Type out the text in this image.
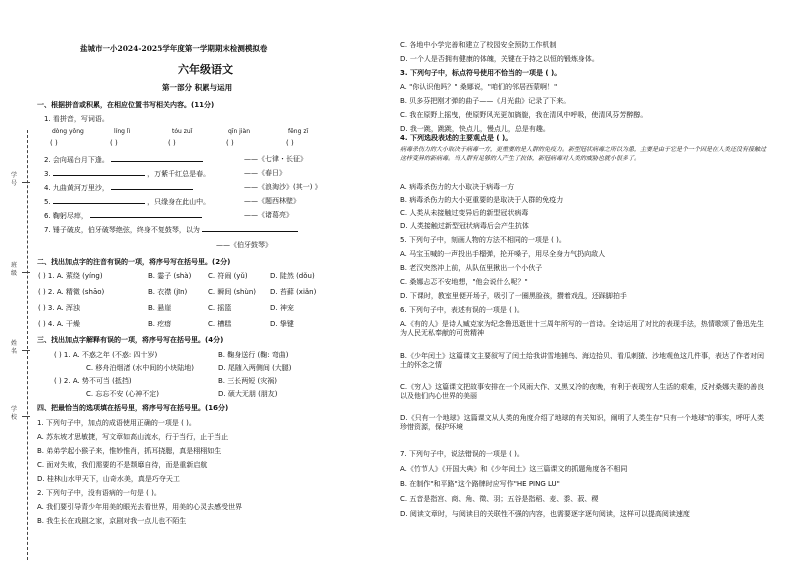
学号
班级
姓名
学校
盐城市一小2024-2025学年度第一学期期末检测模拟卷
六年级语文
第一部分 积累与运用
一、根据拼音或积累，在相应位置书写相关内容。(11分)
1. 看拼音，写词语。
dòng yǒng	líng lì	tóu zuǐ	qīn jiàn	fēng zī
( )	( )	( )	( )	( )
2. 会向瑶台月下逢。	——《七律・长征》
3.	，万紫千红总是春。	——《春日》
4. 九曲黄河万里沙，	——《浪淘沙》(其一) 》
5.	，只缘身在此山中。	——《题西林壁》
6. 鞠躬尽瘁，	——《诸葛亮》
7. 锤子破皮，伯牙破琴绝弦，终身不复鼓琴，以为
——《伯牙鼓琴》
二、找出加点字的注音有误的一项，将序号写在括号里。(2分)
( ) 1. A. 萦绕 (yíng)	B. 霎子 (shà) C. 符闹 (yǔ)	D. 陡然 (dǒu)
( ) 2. A. 精微 (shāo)	B. 衣襟 (jīn)	C. 瞬间 (shùn) D. 苔藓 (xiǎn)
( ) 3. A. 浑浊	B. 悬崖	C. 摇篮	D. 神宠
( ) 4. A. 干燥	B. 疙瘩	C. 槽糕	D. 挚键
三、找出加点字解释有误的一项，将序号写在括号里。(4分)
( ) 1. A. 不惑之年 (不惑: 四十岁)	B. 鞠身送行 (鞠: 弯曲)
C. 移舟泊烟渚 (水中间的小块陆地)	D. 尾随入两侧间 (大腿)
( ) 2. A. 势不可当 (抵挡)	B. 三长两短 (灾祸)
C. 忘忘不安 (心神不定)	D. 硕大无朋 (朋友)
四、把最恰当的选项填在括号里，将序号写在括号里。(16分)
1. 下列句子中，加点的成语使用正确的一项是 ( )。
A. 苏东坡才思敏捷，写文章如高山流水，行于当行，止于当止
B. 弟弟学起小猴子来，惟妙惟肖，抓耳挠腮，真是栩栩如生
C. 面对失败，我们需要的不是颓靡自待，而是重新启航
D. 桂林山水甲天下，山奇水美，真是巧夺天工
2. 下列句子中，没有语病的一句是 ( )。
A. 我们要引导青少年用美的眼光去看世界，用美的心灵去感受世界
B. 我生长在戏剧之家，京剧对我一点儿也不陌生
C. 各地中小学完善和建立了校园安全预防工作机制
D. 一个人是否拥有健康的体魄，关键在于持之以恒的锻炼身体。
3. 下列句子中，标点符号使用不恰当的一项是 ( )。
A. "你认识他吗？" 桑娜说，"咱们的邻居西蒙啊！"
B. 贝多芬把刚才弹的曲子——《月光曲》记录了下来。
C. 我在原野上摇曳，使原野风光更加旖旎，我在清风中呼吸，使清风芬芳醉醇。
D. 我一跳，跳跳，快点儿，慢点儿，总是有趣。
4. 下列选段表述的主要观点是 ( )。
病毒杀伤力的大小取决于病毒一方，更重要的是人群的免疫力。新型冠状病毒之所以为患，主要是由于它是个一个因是在人类还没有接触过这样变异的新病毒。当人群有足够的人产生了抗体，新冠病毒对人类的威胁也就小很多了。
A. 病毒杀伤力的大小取决于病毒一方
B. 病毒杀伤力的大小更重要的是取决于人群的免疫力
C. 人类从未接触过变异后的新型冠状病毒
D. 人类接触过新型冠状病毒后会产生抗体
5. 下列句子中，刻画人物的方法不相同的一项是 ( )。
A. 马宝玉喊的一声投出手榴弹，抡开嗓子，用尽全身力气扔向敌人
B. 老汉突然冲上前，从队伍里揪出一个小伙子
C. 桑娜忐忑不安地想，"他会说什么呢？"
D. 下课时，教室里便开场子，吸引了一圈黑脸孩，攒着戏乱，还踩脚拍手
6. 下列句子中，表述有误的一项是 ( )。
A.《有的人》是诗人臧克家为纪念鲁迅逝世十三周年所写的一首诗。全诗运用了对比的表现手法，热情歌颂了鲁迅先生为人民无私奉献的可贵精神
B.《少年闰土》这篇课文主要叙写了闰土给我讲雪地捕鸟、海边拾贝、看瓜刺猹、沙地观鱼这几件事，表达了作者对闰土的怀念之情
C.《穷人》这篇课文把故事安排在一个风雨大作、又黑又冷的夜晚，有利于表现穷人生活的艰难，反衬桑娜夫妻的善良以及他们内心世界的美丽
D.《只有一个地球》这篇课文从人类的角度介绍了地球的有关知识，阐明了人类生存"只有一个地球"的事实，呼吁人类珍惜资源，保护环境
7. 下列句子中，说法错误的一项是 ( )。
A.《竹节人》《开国大典》和《少年闰土》这三篇课文的抓题角度各不相同
B. 在制作"和平路"这个路牌时应写作"HE PING LU"
C. 五音是指宫、商、角、徵、羽；五谷是指稻、麦、黍、菽、稷
D. 阅读文章时，与阅读目的关联性不强的内容，也需要逐字逐句阅读，这样可以提高阅读速度
